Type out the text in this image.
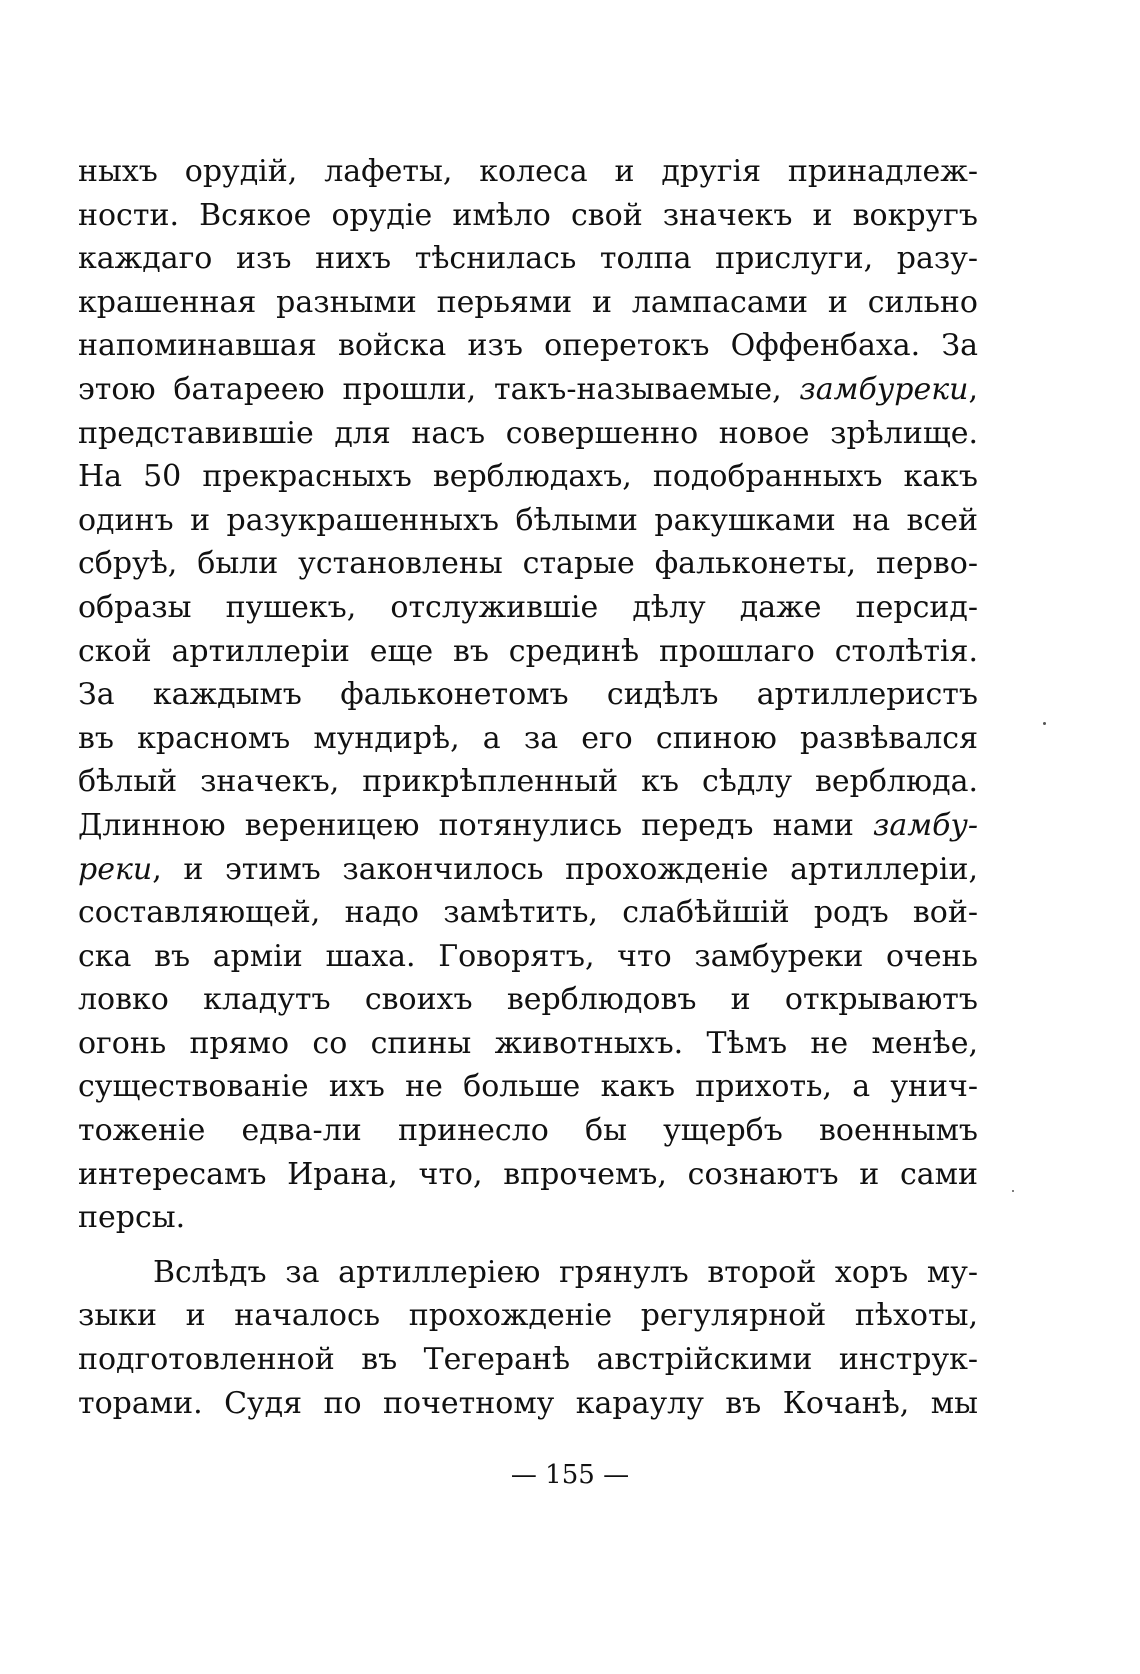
ныхъ орудій, лафеты, колеса и другія принадлеж-
ности. Всякое орудіе имѣло свой значекъ и вокругъ
каждаго изъ нихъ тѣснилась толпа прислуги, разу-
крашенная разными перьями и лампасами и сильно
напоминавшая войска изъ оперетокъ Оффенбаха. За
этою батареею прошли, такъ-называемые, замбуреки,
представившіе для насъ совершенно новое зрѣлище.
На 50 прекрасныхъ верблюдахъ, подобранныхъ какъ
одинъ и разукрашенныхъ бѣлыми ракушками на всей
сбруѣ, были установлены старые фальконеты, перво-
образы пушекъ, отслужившіе дѣлу даже персид-
ской артиллеріи еще въ срединѣ прошлаго столѣтія.
За каждымъ фальконетомъ сидѣлъ артиллеристъ
въ красномъ мундирѣ, а за его спиною развѣвался
бѣлый значекъ, прикрѣпленный къ сѣдлу верблюда.
Длинною вереницею потянулись передъ нами замбу-
реки, и этимъ закончилось прохожденіе артиллеріи,
составляющей, надо замѣтить, слабѣйшій родъ вой-
ска въ арміи шаха. Говорятъ, что замбуреки очень
ловко кладутъ своихъ верблюдовъ и открываютъ
огонь прямо со спины животныхъ. Тѣмъ не менѣе,
существованіе ихъ не больше какъ прихоть, а унич-
тоженіе едва-ли принесло бы ущербъ военнымъ
интересамъ Ирана, что, впрочемъ, сознаютъ и сами
персы.
Вслѣдъ за артиллеріею грянулъ второй хоръ му-
зыки и началось прохожденіе регулярной пѣхоты,
подготовленной въ Тегеранѣ австрійскими инструк-
торами. Судя по почетному караулу въ Кочанѣ, мы
— 155 —
